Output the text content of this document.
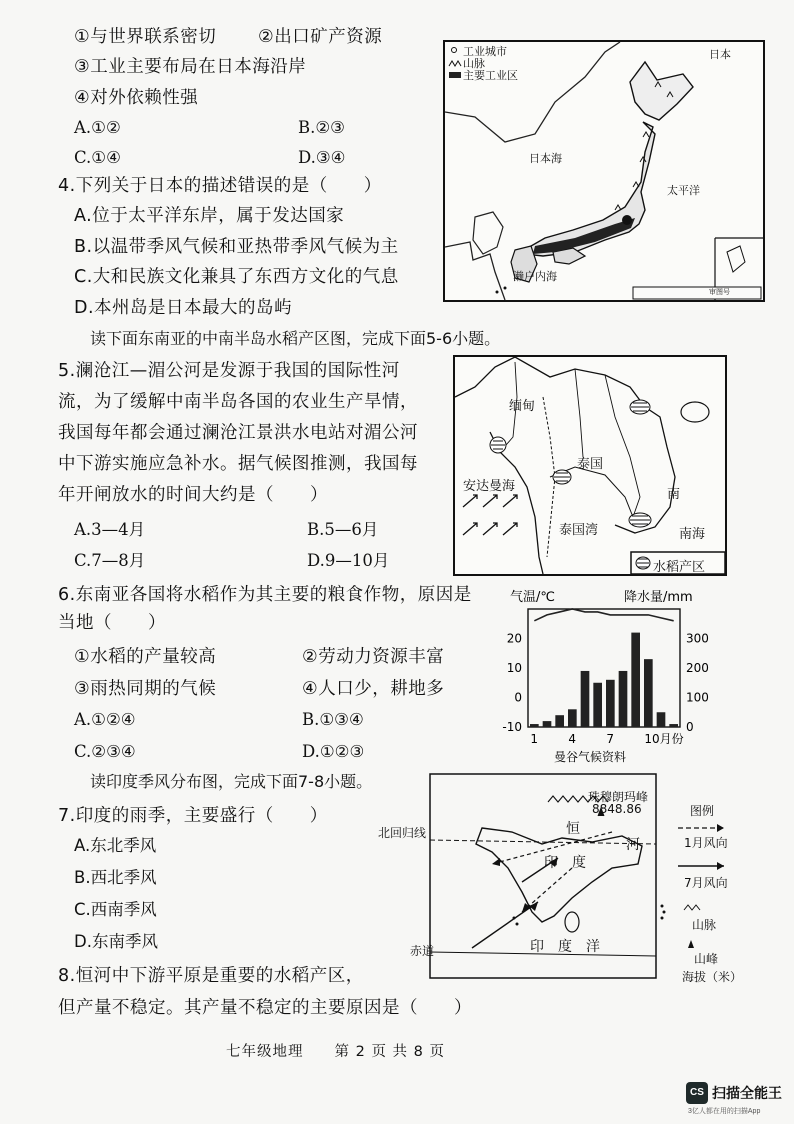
①与世界联系密切 ②出口矿产资源
③工业主要布局在日本海沿岸
④对外依赖性强
A.①②	B.②③
C.①④	D.③④
4.下列关于日本的描述错误的是（　　）
A.位于太平洋东岸，属于发达国家
B.以温带季风气候和亚热带季风气候为主
C.大和民族文化兼具了东西方文化的气息
D.本州岛是日本最大的岛屿
工业城市
山脉
主要工业区
日本
日本海
太平洋
濑户内海
审图号
读下面东南亚的中南半岛水稻产区图，完成下面5-6小题。
5.澜沧江—湄公河是发源于我国的国际性河
流，为了缓解中南半岛各国的农业生产旱情，
我国每年都会通过澜沧江景洪水电站对湄公河
中下游实施应急补水。据气候图推测，我国每
年开闸放水的时间大约是（　　）
A.3—4月	B.5—6月
C.7—8月	D.9—10月
缅甸
泰国
安达曼海
泰国湾
南
南海
水稻产区
6.东南亚各国将水稻作为其主要的粮食作物，原因是
当地（　　）
①水稻的产量较高	②劳动力资源丰富
③雨热同期的气候	④人口少，耕地多
A.①②④	B.①③④
C.②③④	D.①②③
气温/℃	降水量/mm
曼谷气候资料
20
10
0
-10
300
200
100
0
1	4	7	10月份
读印度季风分布图，完成下面7-8小题。
7.印度的雨季，主要盛行（　　）
A.东北季风
B.西北季风
C.西南季风
D.东南季风
珠穆朗玛峰
8848.86
北回归线	恒
河
印　度
印　度　洋
赤道
图例
1月风向
7月风向
山脉
山峰
海拔（米）
8.恒河中下游平原是重要的水稻产区，
但产量不稳定。其产量不稳定的主要原因是（　　）
七年级地理　　第 2 页 共 8 页
CS 扫描全能王
3亿人都在用的扫描App
